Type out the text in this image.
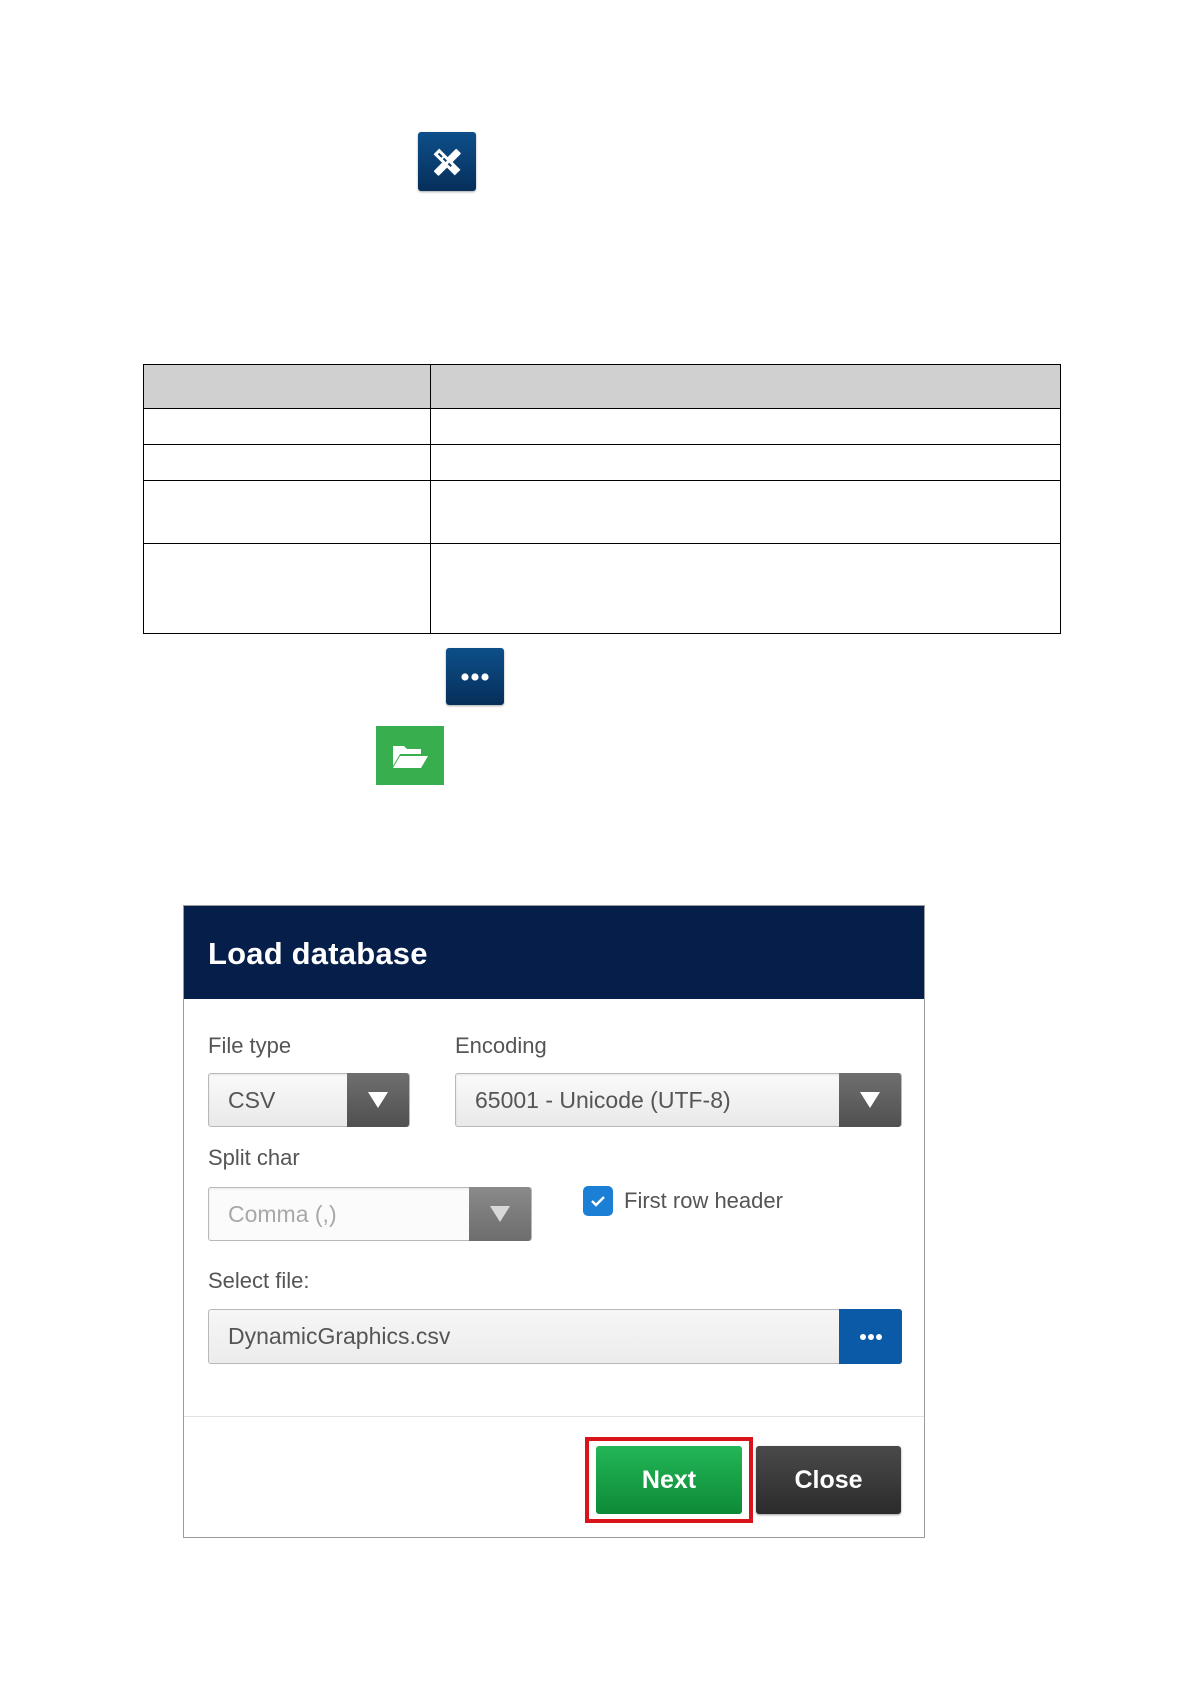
Load database
File type
CSV
Encoding
65001 - Unicode (UTF-8)
Split char
Comma (,)
First row header
Select file:
DynamicGraphics.csv
Next	Close
